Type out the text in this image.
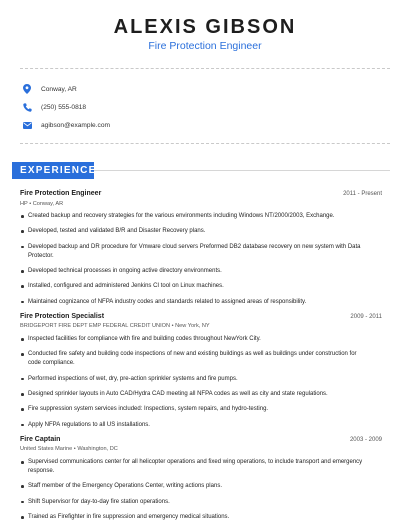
ALEXIS GIBSON
Fire Protection Engineer
Conway, AR
(250) 555-0818
agibson@example.com
EXPERIENCE
Fire Protection Engineer	2011 - Present
HP • Conway, AR
Created backup and recovery strategies for the various environments including Windows NT/2000/2003, Exchange.
Developed, tested and validated B/R and Disaster Recovery plans.
Developed backup and DR procedure for Vmware cloud servers Preformed DB2 database recovery on new system with Data Protector.
Developed technical processes in ongoing active directory environments.
Installed, configured and administered Jenkins CI tool on Linux machines.
Maintained cognizance of NFPA industry codes and standards related to assigned areas of responsibility.
Fire Protection Specialist	2009 - 2011
BRIDGEPORT FIRE DEPT EMP FEDERAL CREDIT UNION • New York, NY
Inspected facilities for compliance with fire and building codes throughout NewYork City.
Conducted fire safety and building code inspections of new and existing buildings as well as buildings under construction for code compliance.
Performed inspections of wet, dry, pre-action sprinkler systems and fire pumps.
Designed sprinkler layouts in Auto CAD/Hydra CAD meeting all NFPA codes as well as city and state regulations.
Fire suppression system services included: Inspections, system repairs, and hydro-testing.
Apply NFPA regulations to all US installations.
Fire Captain	2003 - 2009
United States Marine • Washington, DC
Supervised communications center for all helicopter operations and fixed wing operations, to include transport and emergency response.
Staff member of the Emergency Operations Center, writing actions plans.
Shift Supervisor for day-to-day fire station operations.
Trained as Firefighter in fire suppression and emergency medical situations.
